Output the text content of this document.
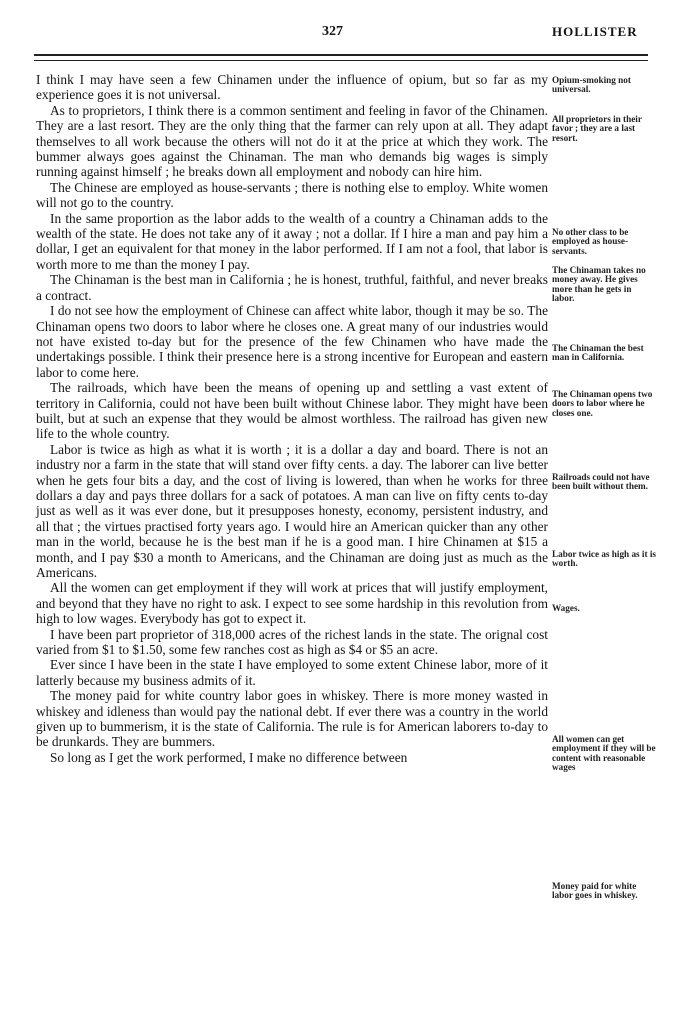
327	HOLLISTER

I think I may have seen a few Chinamen under the influence of opium, but so far as my experience goes it is not universal.

As to proprietors, I think there is a common sentiment and feeling in favor of the Chinamen. They are a last resort. They are the only thing that the farmer can rely upon at all. They adapt themselves to all work because the others will not do it at the price at which they work. The bummer always goes against the Chinaman. The man who demands big wages is simply running against himself ; he breaks down all employment and nobody can hire him.

The Chinese are employed as house-servants ; there is nothing else to employ. White women will not go to the country.

In the same proportion as the labor adds to the wealth of a country a Chinaman adds to the wealth of the state. He does not take any of it away ; not a dollar. If I hire a man and pay him a dollar, I get an equivalent for that money in the labor performed. If I am not a fool, that labor is worth more to me than the money I pay.

The Chinaman is the best man in California ; he is honest, truthful, faithful, and never breaks a contract.

I do not see how the employment of Chinese can affect white labor, though it may be so. The Chinaman opens two doors to labor where he closes one. A great many of our industries would not have existed to-day but for the presence of the few Chinamen who have made the undertakings possible. I think their presence here is a strong incentive for European and eastern labor to come here.

The railroads, which have been the means of opening up and settling a vast extent of territory in California, could not have been built without Chinese labor. They might have been built, but at such an expense that they would be almost worthless. The railroad has given new life to the whole country.

Labor is twice as high as what it is worth ; it is a dollar a day and board. There is not an industry nor a farm in the state that will stand over fifty cents. a day. The laborer can live better when he gets four bits a day, and the cost of living is lowered, than when he works for three dollars a day and pays three dollars for a sack of potatoes. A man can live on fifty cents to-day just as well as it was ever done, but it presupposes honesty, economy, persistent industry, and all that ; the virtues practised forty years ago. I would hire an American quicker than any other man in the world, because he is the best man if he is a good man. I hire Chinamen at $15 a month, and I pay $30 a month to Americans, and the Chinaman are doing just as much as the Americans.

All the women can get employment if they will work at prices that will justify employment, and beyond that they have no right to ask. I expect to see some hardship in this revolution from high to low wages. Everybody has got to expect it.

I have been part proprietor of 318,000 acres of the richest lands in the state. The orignal cost varied from $1 to $1.50, some few ranches cost as high as $4 or $5 an acre.

Ever since I have been in the state I have employed to some extent Chinese labor, more of it latterly because my business admits of it.

The money paid for white country labor goes in whiskey. There is more money wasted in whiskey and idleness than would pay the national debt. If ever there was a country in the world given up to bummerism, it is the state of California. The rule is for American laborers to-day to be drunkards. They are bummers.

So long as I get the work performed, I make no difference between

Opium-smoking not universal.
All proprietors in their favor ; they are a last resort.
No other class to be employed as house-servants.
The Chinaman takes no money away. He gives more than he gets in labor.
The Chinaman the best man in California.
The Chinaman opens two doors to labor where he closes one.
Railroads could not have been built without them.
Labor twice as high as it is worth.
Wages.
All women can get employment if they will be content with reasonable wages
Money paid for white labor goes in whiskey.
